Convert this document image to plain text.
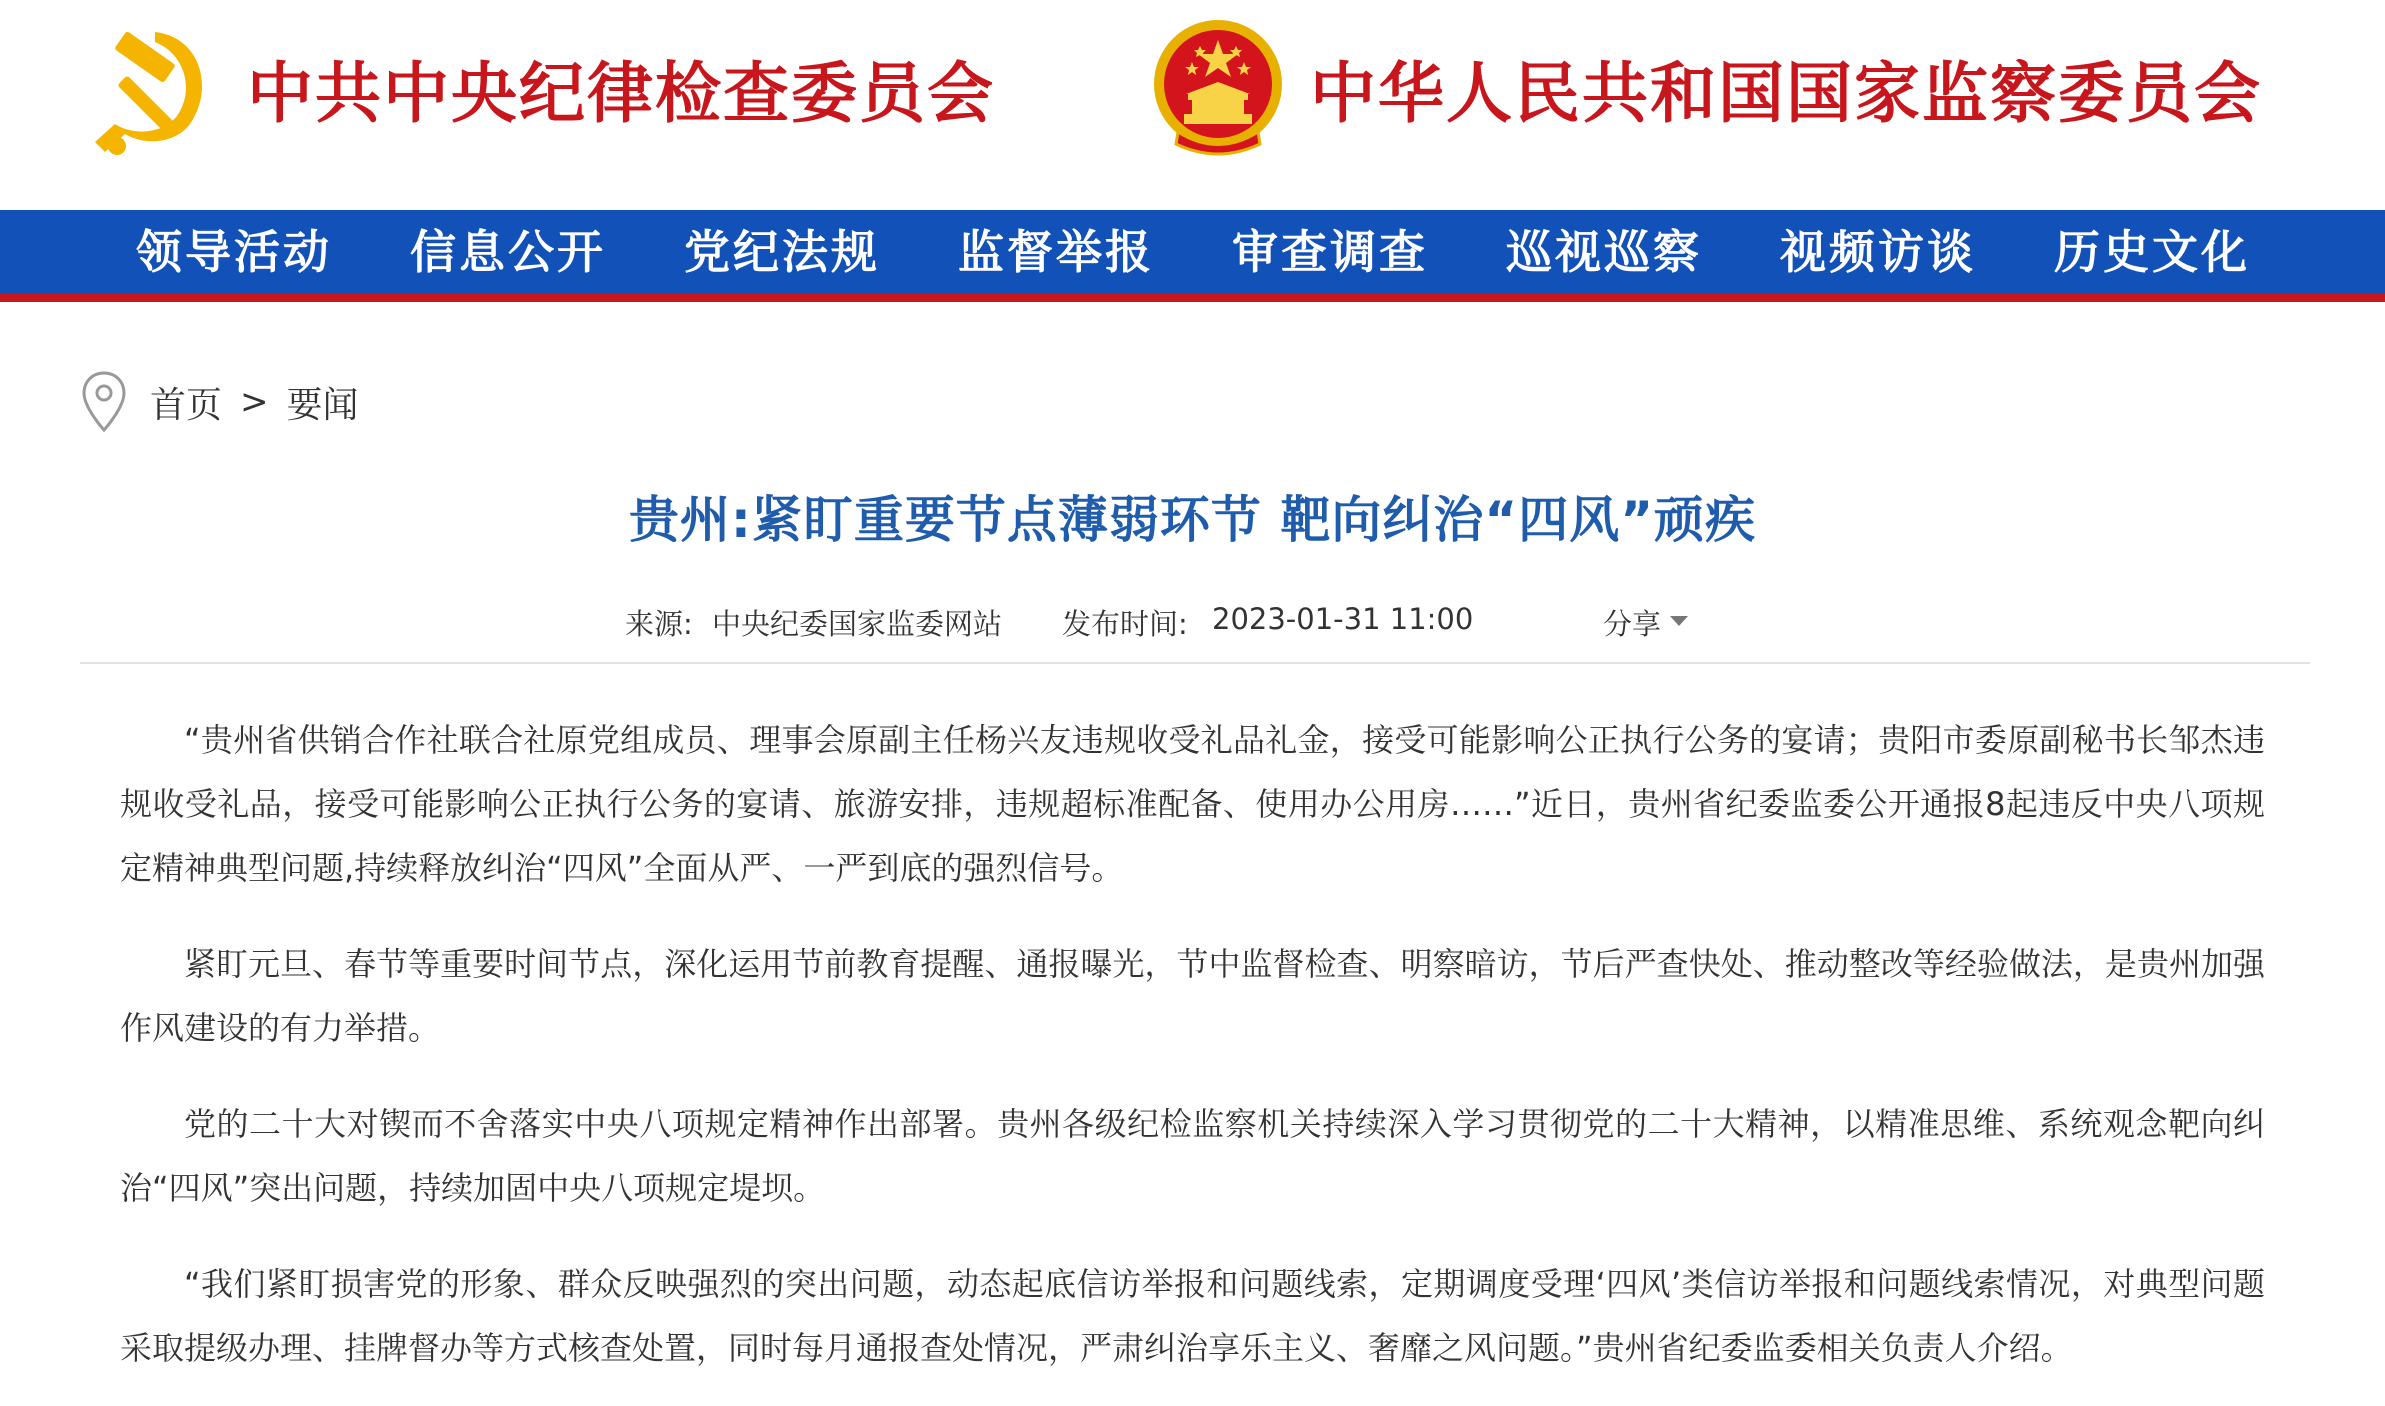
中共中央纪律检查委员会	中华人民共和国国家监察委员会
领导活动	信息公开	党纪法规	监督举报	审查调查	巡视巡察	视频访谈	历史文化
首页 > 要闻
贵州:紧盯重要节点薄弱环节 靶向纠治“四风”顽疾
来源: 中央纪委国家监委网站 发布时间: 2023-01-31 11:00	分享

“贵州省供销合作社联合社原党组成员、理事会原副主任杨兴友违规收受礼品礼金，接受可能影响公正执行公务的宴请；贵阳市委原副秘书长邹杰违规收受礼品，接受可能影响公正执行公务的宴请、旅游安排，违规超标准配备、使用办公用房……”近日，贵州省纪委监委公开通报8起违反中央八项规定精神典型问题,持续释放纠治“四风”全面从严、一严到底的强烈信号。

紧盯元旦、春节等重要时间节点，深化运用节前教育提醒、通报曝光，节中监督检查、明察暗访，节后严查快处、推动整改等经验做法，是贵州加强作风建设的有力举措。

党的二十大对锲而不舍落实中央八项规定精神作出部署。贵州各级纪检监察机关持续深入学习贯彻党的二十大精神，以精准思维、系统观念靶向纠治“四风”突出问题，持续加固中央八项规定堤坝。

“我们紧盯损害党的形象、群众反映强烈的突出问题，动态起底信访举报和问题线索，定期调度受理‘四风’类信访举报和问题线索情况，对典型问题采取提级办理、挂牌督办等方式核查处置，同时每月通报查处情况，严肃纠治享乐主义、奢靡之风问题。”贵州省纪委监委相关负责人介绍。
